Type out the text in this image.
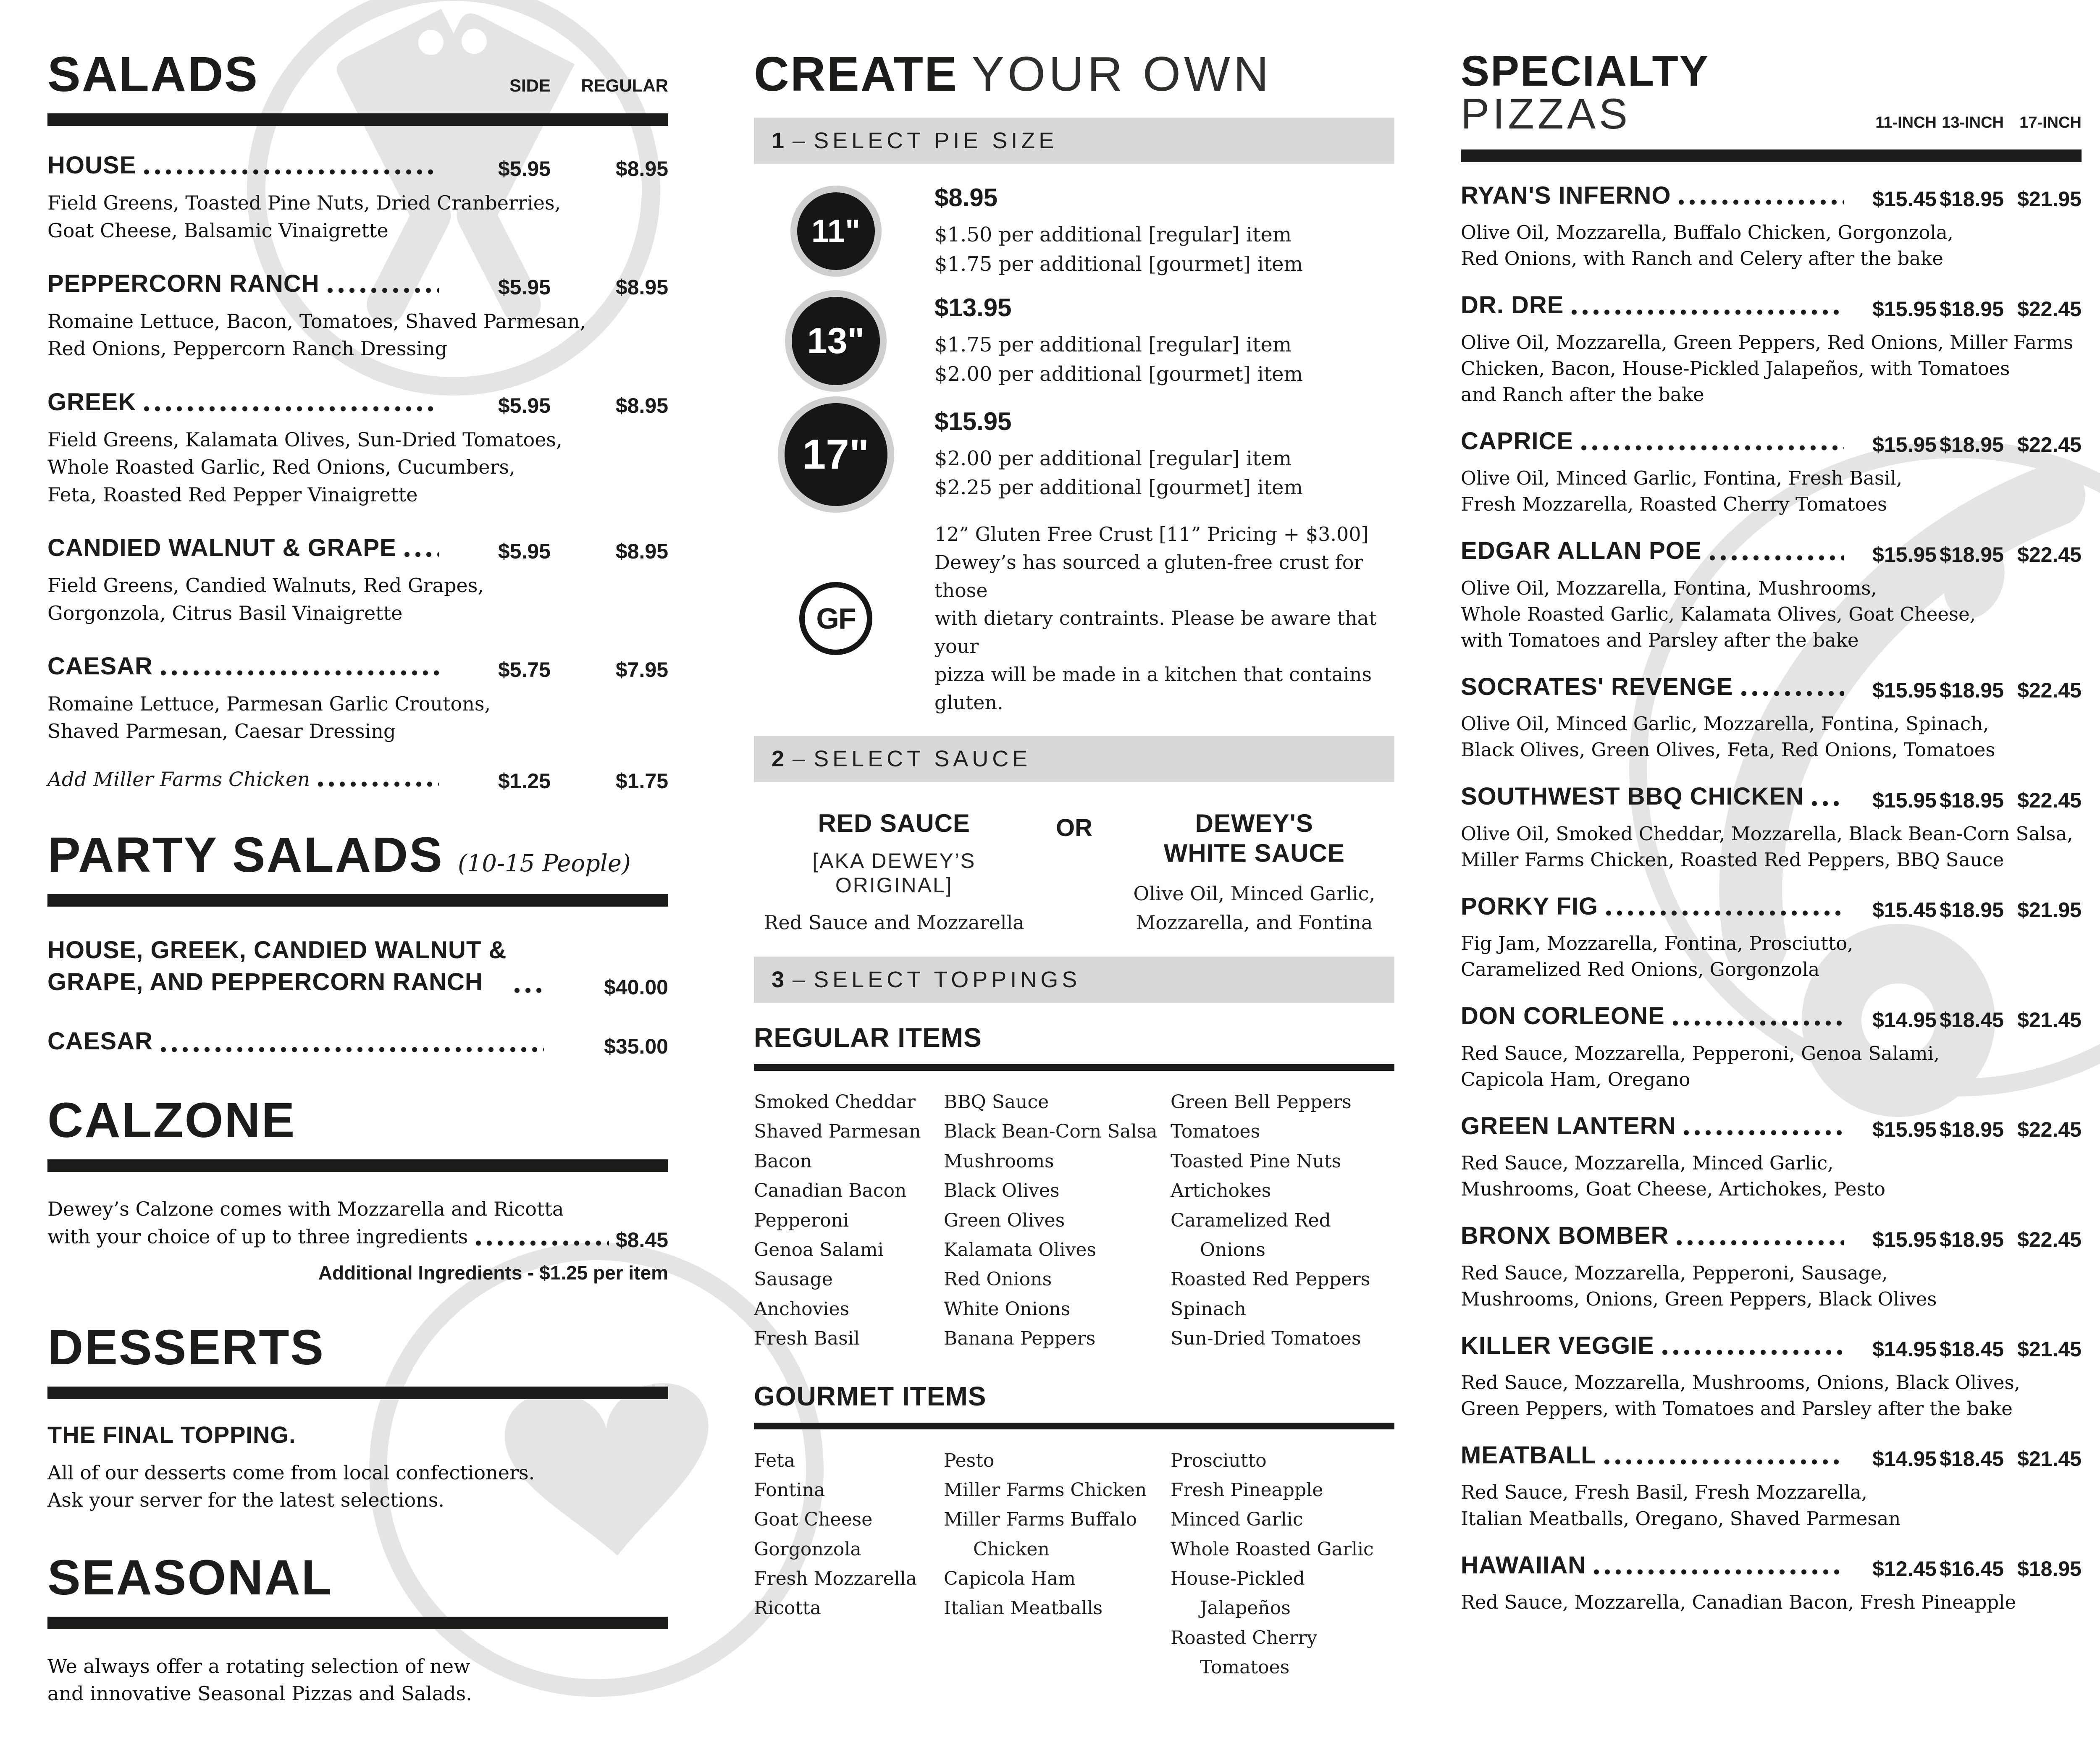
SALADS	SIDE	REGULAR
HOUSE	$5.95	$8.95
Field Greens, Toasted Pine Nuts, Dried Cranberries,
Goat Cheese, Balsamic Vinaigrette
PEPPERCORN RANCH	$5.95	$8.95
Romaine Lettuce, Bacon, Tomatoes, Shaved Parmesan,
Red Onions, Peppercorn Ranch Dressing
GREEK	$5.95	$8.95
Field Greens, Kalamata Olives, Sun-Dried Tomatoes,
Whole Roasted Garlic, Red Onions, Cucumbers,
Feta, Roasted Red Pepper Vinaigrette
CANDIED WALNUT & GRAPE	$5.95	$8.95
Field Greens, Candied Walnuts, Red Grapes,
Gorgonzola, Citrus Basil Vinaigrette
CAESAR	$5.75	$7.95
Romaine Lettuce, Parmesan Garlic Croutons,
Shaved Parmesan, Caesar Dressing
Add Miller Farms Chicken	$1.25	$1.75
PARTY SALADS (10-15 People)
HOUSE, GREEK, CANDIED WALNUT &
GRAPE, AND PEPPERCORN RANCH	$40.00
CAESAR	$35.00
CALZONE
Dewey’s Calzone comes with Mozzarella and Ricotta
with your choice of up to three ingredients	$8.45
Additional Ingredients - $1.25 per item
DESSERTS
THE FINAL TOPPING.
All of our desserts come from local confectioners.
Ask your server for the latest selections.
SEASONAL
We always offer a rotating selection of new
and innovative Seasonal Pizzas and Salads.
CREATE YOUR OWN
1 – SELECT PIE SIZE
11"
$8.95
$1.50 per additional [regular] item
$1.75 per additional [gourmet] item
13"
$13.95
$1.75 per additional [regular] item
$2.00 per additional [gourmet] item
17"
$15.95
$2.00 per additional [regular] item
$2.25 per additional [gourmet] item
GF
12” Gluten Free Crust [11” Pricing + $3.00]
Dewey’s has sourced a gluten-free crust for those
with dietary contraints. Please be aware that your
pizza will be made in a kitchen that contains gluten.
2 – SELECT SAUCE
RED SAUCE
[AKA DEWEY’S ORIGINAL]
Red Sauce and Mozzarella
OR	DEWEY'S
WHITE SAUCE
Olive Oil, Minced Garlic,
Mozzarella, and Fontina
3 – SELECT TOPPINGS
REGULAR ITEMS
Smoked Cheddar
Shaved Parmesan
Bacon
Canadian Bacon
Pepperoni
Genoa Salami
Sausage
Anchovies
Fresh Basil
BBQ Sauce
Black Bean-Corn Salsa
Mushrooms
Black Olives
Green Olives
Kalamata Olives
Red Onions
White Onions
Banana Peppers
Green Bell Peppers
Tomatoes
Toasted Pine Nuts
Artichokes
Caramelized Red Onions
Roasted Red Peppers
Spinach
Sun-Dried Tomatoes
GOURMET ITEMS
Feta
Fontina
Goat Cheese
Gorgonzola
Fresh Mozzarella
Ricotta
Pesto
Miller Farms Chicken
Miller Farms Buffalo Chicken
Capicola Ham
Italian Meatballs
Prosciutto
Fresh Pineapple
Minced Garlic
Whole Roasted Garlic
House-Pickled Jalapeños
Roasted Cherry Tomatoes
SPECIALTY PIZZAS	11-INCH 13-INCH 17-INCH
RYAN'S INFERNO	$15.45 $18.95 $21.95
Olive Oil, Mozzarella, Buffalo Chicken, Gorgonzola,
Red Onions, with Ranch and Celery after the bake
DR. DRE	$15.95 $18.95 $22.45
Olive Oil, Mozzarella, Green Peppers, Red Onions, Miller Farms
Chicken, Bacon, House-Pickled Jalapeños, with Tomatoes
and Ranch after the bake
CAPRICE	$15.95 $18.95 $22.45
Olive Oil, Minced Garlic, Fontina, Fresh Basil,
Fresh Mozzarella, Roasted Cherry Tomatoes
EDGAR ALLAN POE	$15.95 $18.95 $22.45
Olive Oil, Mozzarella, Fontina, Mushrooms,
Whole Roasted Garlic, Kalamata Olives, Goat Cheese,
with Tomatoes and Parsley after the bake
SOCRATES' REVENGE	$15.95 $18.95 $22.45
Olive Oil, Minced Garlic, Mozzarella, Fontina, Spinach,
Black Olives, Green Olives, Feta, Red Onions, Tomatoes
SOUTHWEST BBQ CHICKEN	$15.95 $18.95 $22.45
Olive Oil, Smoked Cheddar, Mozzarella, Black Bean-Corn Salsa,
Miller Farms Chicken, Roasted Red Peppers, BBQ Sauce
PORKY FIG	$15.45 $18.95 $21.95
Fig Jam, Mozzarella, Fontina, Prosciutto,
Caramelized Red Onions, Gorgonzola
DON CORLEONE	$14.95 $18.45 $21.45
Red Sauce, Mozzarella, Pepperoni, Genoa Salami,
Capicola Ham, Oregano
GREEN LANTERN	$15.95 $18.95 $22.45
Red Sauce, Mozzarella, Minced Garlic,
Mushrooms, Goat Cheese, Artichokes, Pesto
BRONX BOMBER	$15.95 $18.95 $22.45
Red Sauce, Mozzarella, Pepperoni, Sausage,
Mushrooms, Onions, Green Peppers, Black Olives
KILLER VEGGIE	$14.95 $18.45 $21.45
Red Sauce, Mozzarella, Mushrooms, Onions, Black Olives,
Green Peppers, with Tomatoes and Parsley after the bake
MEATBALL	$14.95 $18.45 $21.45
Red Sauce, Fresh Basil, Fresh Mozzarella,
Italian Meatballs, Oregano, Shaved Parmesan
HAWAIIAN	$12.45 $16.45 $18.95
Red Sauce, Mozzarella, Canadian Bacon, Fresh Pineapple
